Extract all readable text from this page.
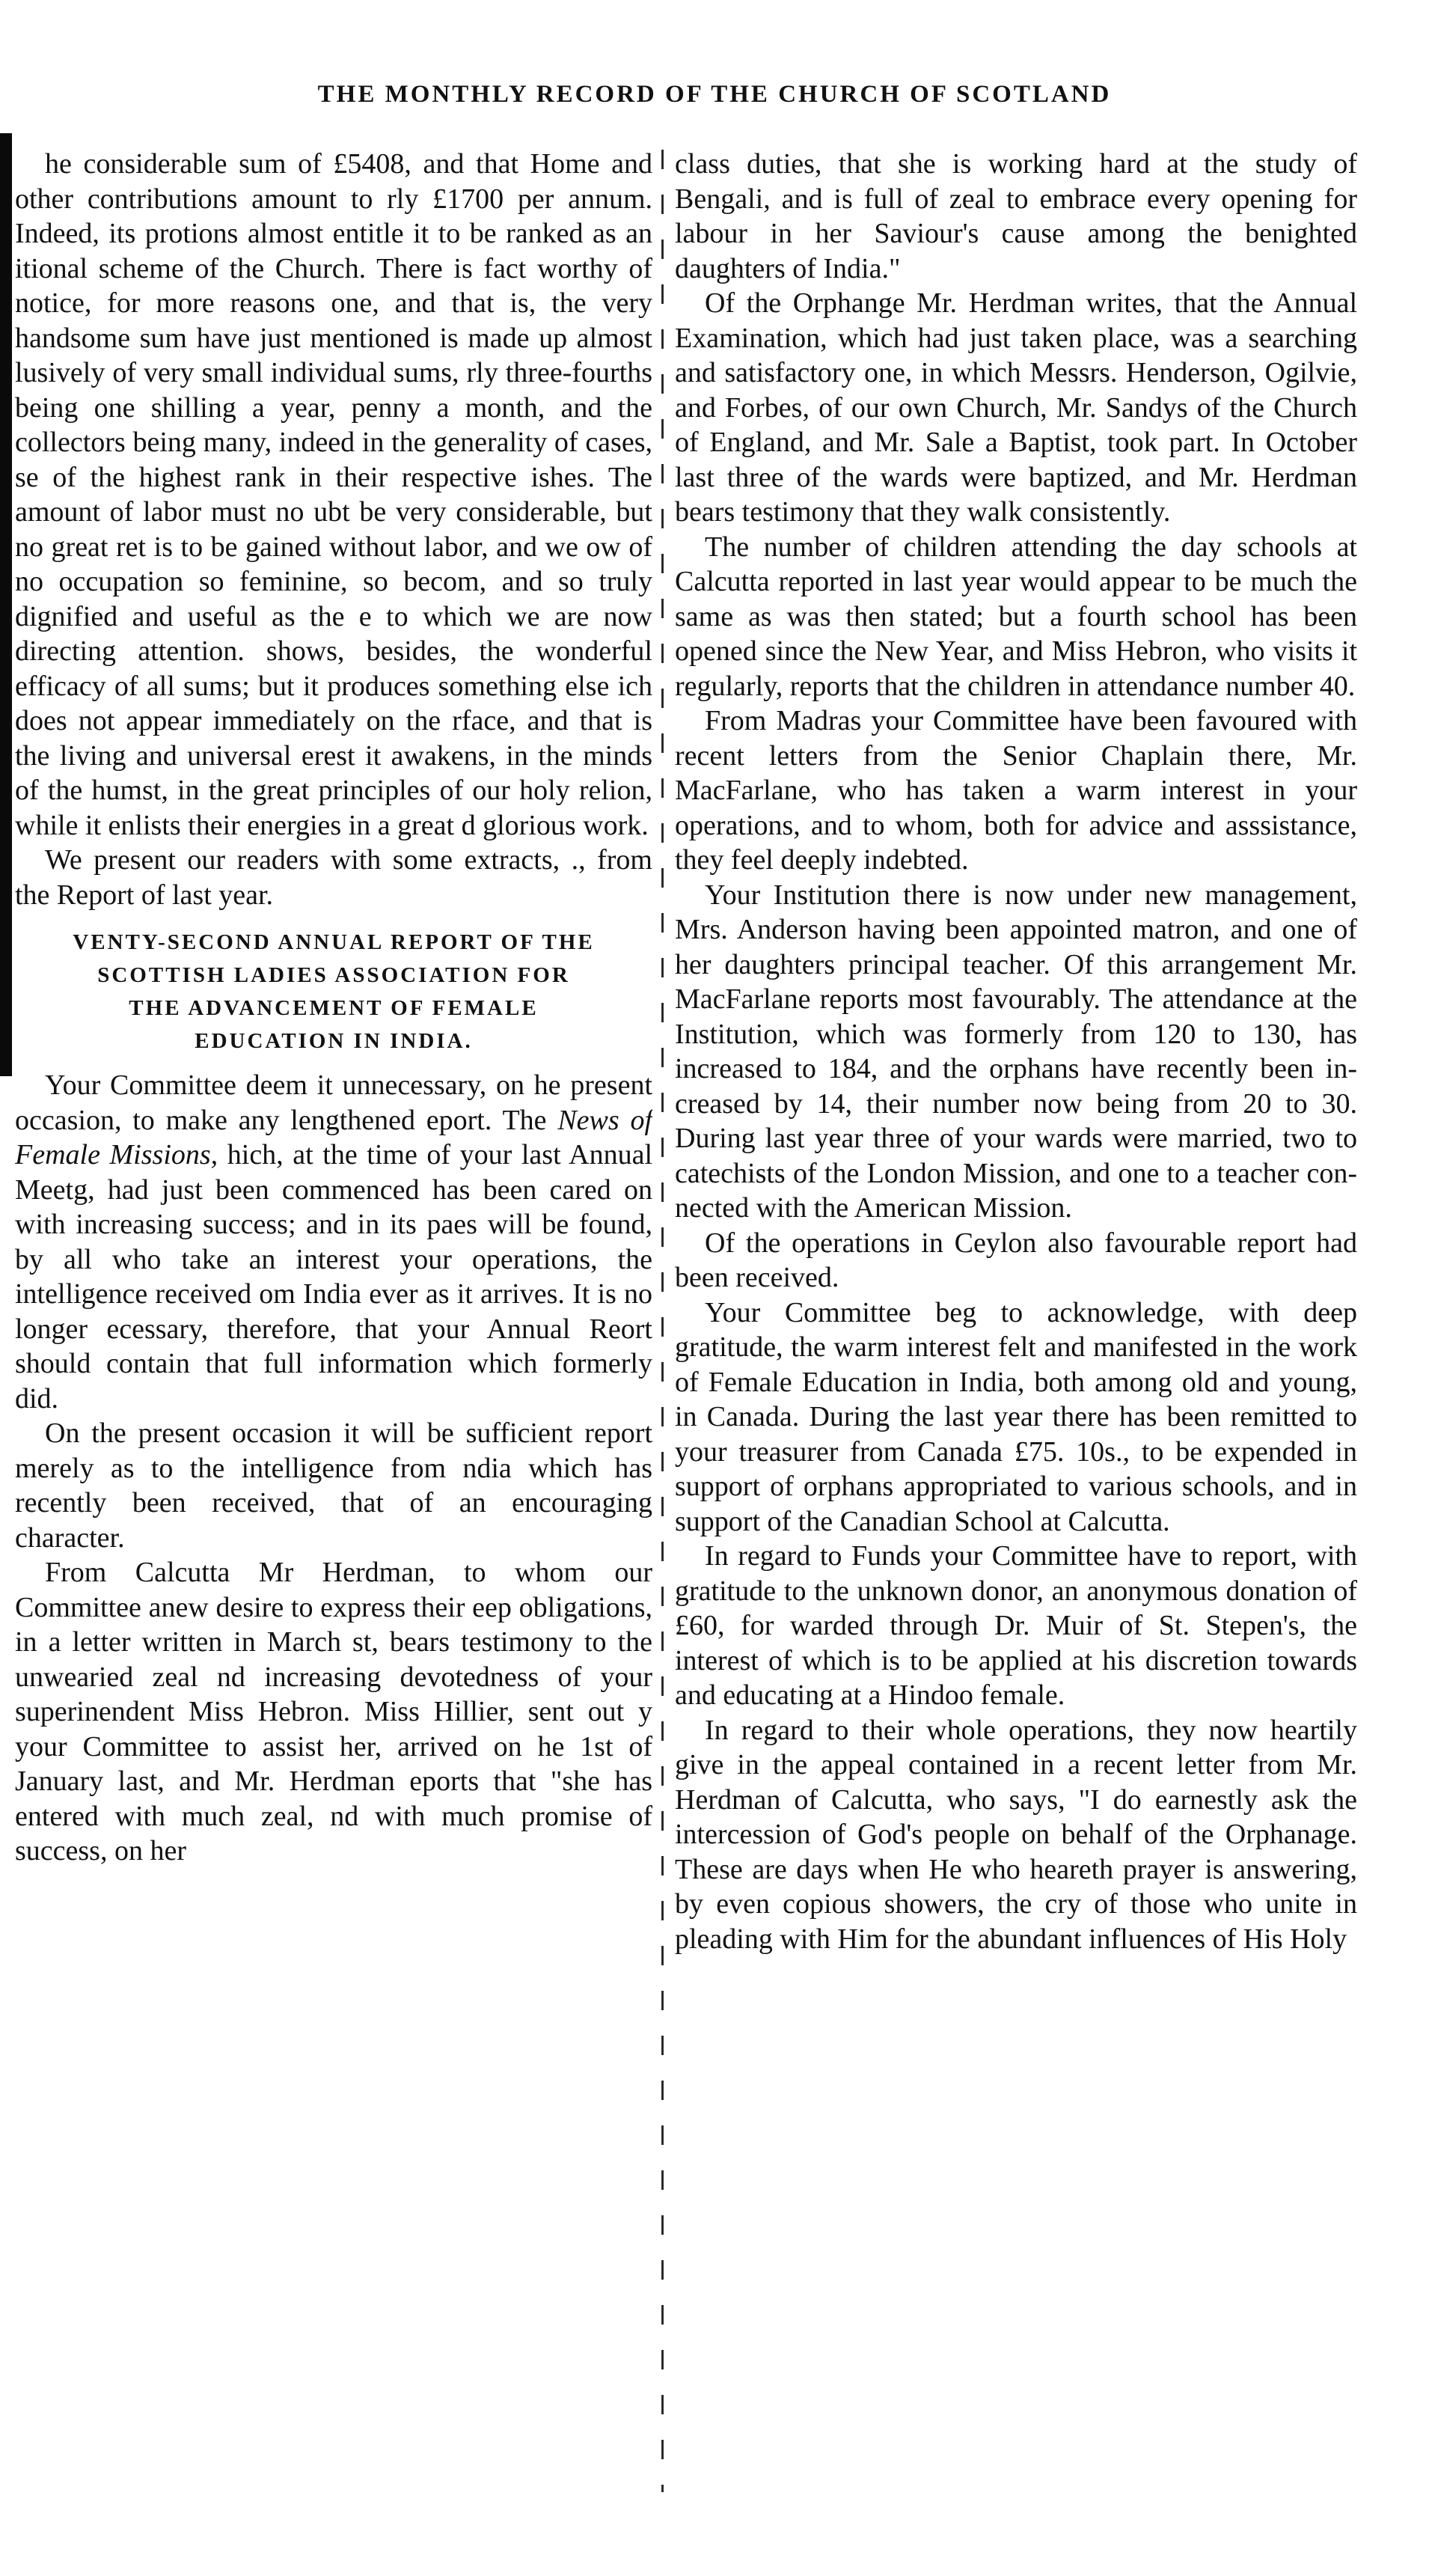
THE MONTHLY RECORD OF THE CHURCH OF SCOTLAND

he considerable sum of £5408, and that Home and other contributions amount to rly £1700 per annum. Indeed, its protions almost entitle it to be ranked as an itional scheme of the Church. There is fact worthy of notice, for more reasons one, and that is, the very handsome sum have just mentioned is made up almost lusively of very small individual sums, rly three-fourths being one shilling a year, penny a month, and the collectors being many, indeed in the generality of cases, se of the highest rank in their respective ishes. The amount of labor must no ubt be very considerable, but no great ret is to be gained without labor, and we ow of no occupation so feminine, so becom, and so truly dignified and useful as the e to which we are now directing attention. shows, besides, the wonderful efficacy of all sums; but it produces something else ich does not appear immediately on the rface, and that is the living and universal erest it awakens, in the minds of the humst, in the great principles of our holy relion, while it enlists their energies in a great d glorious work.

We present our readers with some extracts, ., from the Report of last year.

VENTY-SECOND ANNUAL REPORT OF THE
SCOTTISH LADIES ASSOCIATION FOR
THE ADVANCEMENT OF FEMALE
EDUCATION IN INDIA.

Your Committee deem it unnecessary, on he present occasion, to make any lengthened eport. The News of Female Missions, hich, at the time of your last Annual Meetg, had just been commenced has been cared on with increasing success; and in its paes will be found, by all who take an interest your operations, the intelligence received om India ever as it arrives. It is no longer ecessary, therefore, that your Annual Reort should contain that full information which formerly did.

On the present occasion it will be sufficient report merely as to the intelligence from ndia which has recently been received, that of an encouraging character.

From Calcutta Mr Herdman, to whom our Committee anew desire to express their eep obligations, in a letter written in March st, bears testimony to the unwearied zeal nd increasing devotedness of your superinendent Miss Hebron. Miss Hillier, sent out y your Committee to assist her, arrived on he 1st of January last, and Mr. Herdman eports that "she has entered with much zeal, nd with much promise of success, on her

class duties, that she is working hard at the study of Bengali, and is full of zeal to embrace every opening for labour in her Saviour's cause among the benighted daughters of India."

Of the Orphange Mr. Herdman writes, that the Annual Examination, which had just taken place, was a searching and satisfactory one, in which Messrs. Henderson, Ogilvie, and Forbes, of our own Church, Mr. Sandys of the Church of England, and Mr. Sale a Baptist, took part. In October last three of the wards were baptized, and Mr. Herdman bears testimony that they walk consistently.

The number of children attending the day schools at Calcutta reported in last year would appear to be much the same as was then stated; but a fourth school has been opened since the New Year, and Miss Hebron, who visits it regularly, reports that the children in attendance number 40.

From Madras your Committee have been favoured with recent letters from the Senior Chaplain there, Mr. MacFarlane, who has taken a warm interest in your operations, and to whom, both for advice and asssistance, they feel deeply indebted.

Your Institution there is now under new management, Mrs. Anderson having been appointed matron, and one of her daughters principal teacher. Of this arrangement Mr. MacFarlane reports most favourably. The attendance at the Institution, which was formerly from 120 to 130, has increased to 184, and the orphans have recently been increased by 14, their number now being from 20 to 30. During last year three of your wards were married, two to catechists of the London Mission, and one to a teacher connected with the American Mission.

Of the operations in Ceylon also favourable report had been received.

Your Committee beg to acknowledge, with deep gratitude, the warm interest felt and manifested in the work of Female Education in India, both among old and young, in Canada. During the last year there has been remitted to your treasurer from Canada £75. 10s., to be expended in support of orphans appropriated to various schools, and in support of the Canadian School at Calcutta.

In regard to Funds your Committee have to report, with gratitude to the unknown donor, an anonymous donation of £60, for warded through Dr. Muir of St. Stepen's, the interest of which is to be applied at his discretion towards and educating at a Hindoo female.

In regard to their whole operations, they now heartily give in the appeal contained in a recent letter from Mr. Herdman of Calcutta, who says, "I do earnestly ask the intercession of God's people on behalf of the Orphanage. These are days when He who heareth prayer is answering, by even copious showers, the cry of those who unite in pleading with Him for the abundant influences of His Holy
